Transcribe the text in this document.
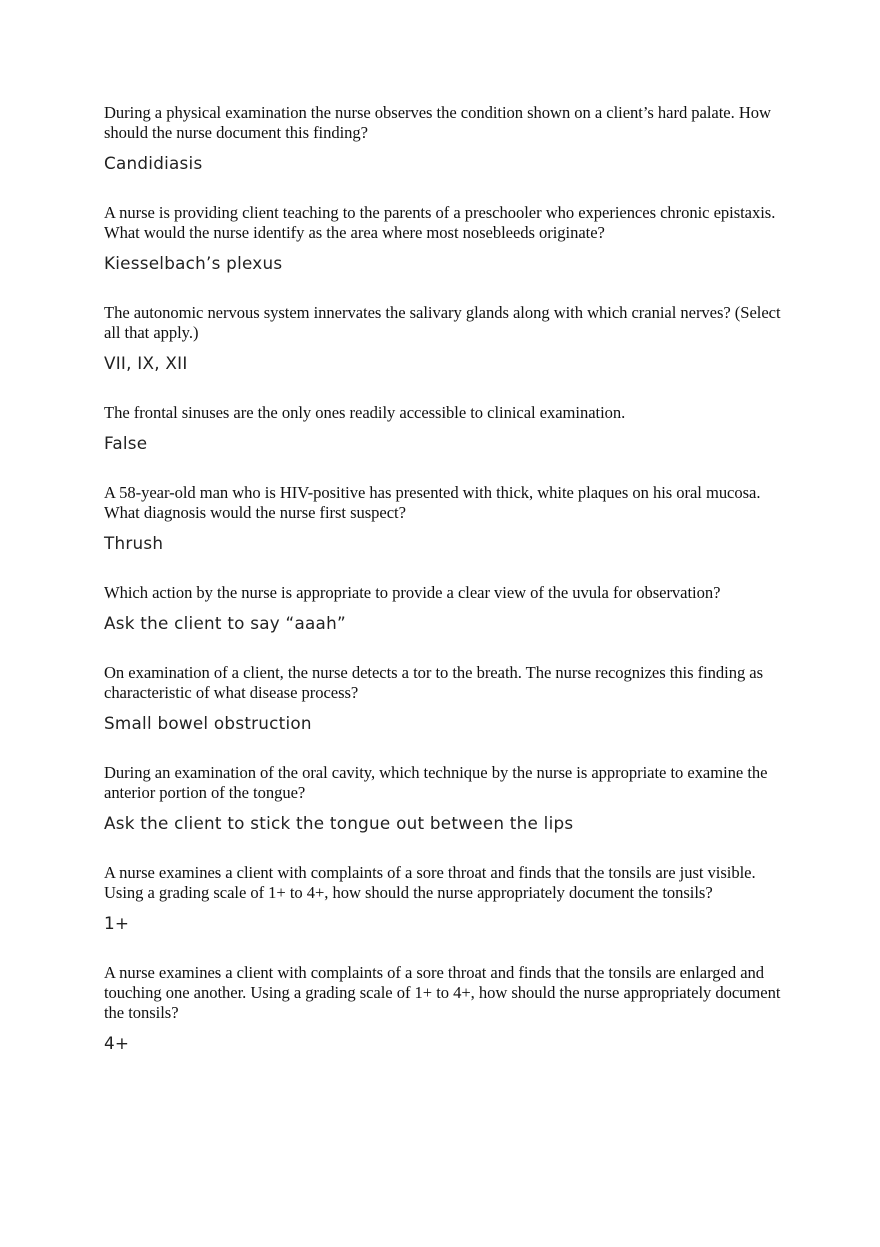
During a physical examination the nurse observes the condition shown on a client’s hard palate. How should the nurse document this finding?

Candidiasis

A nurse is providing client teaching to the parents of a preschooler who experiences chronic epistaxis. What would the nurse identify as the area where most nosebleeds originate?

Kiesselbach’s plexus

The autonomic nervous system innervates the salivary glands along with which cranial nerves? (Select all that apply.)

VII, IX, XII

The frontal sinuses are the only ones readily accessible to clinical examination.

False

A 58-year-old man who is HIV-positive has presented with thick, white plaques on his oral mucosa. What diagnosis would the nurse first suspect?

Thrush

Which action by the nurse is appropriate to provide a clear view of the uvula for observation?

Ask the client to say “aaah”

On examination of a client, the nurse detects a tor to the breath. The nurse recognizes this finding as characteristic of what disease process?

Small bowel obstruction

During an examination of the oral cavity, which technique by the nurse is appropriate to examine the anterior portion of the tongue?

Ask the client to stick the tongue out between the lips

A nurse examines a client with complaints of a sore throat and finds that the tonsils are just visible. Using a grading scale of 1+ to 4+, how should the nurse appropriately document the tonsils?

1+

A nurse examines a client with complaints of a sore throat and finds that the tonsils are enlarged and touching one another. Using a grading scale of 1+ to 4+, how should the nurse appropriately document the tonsils?

4+
